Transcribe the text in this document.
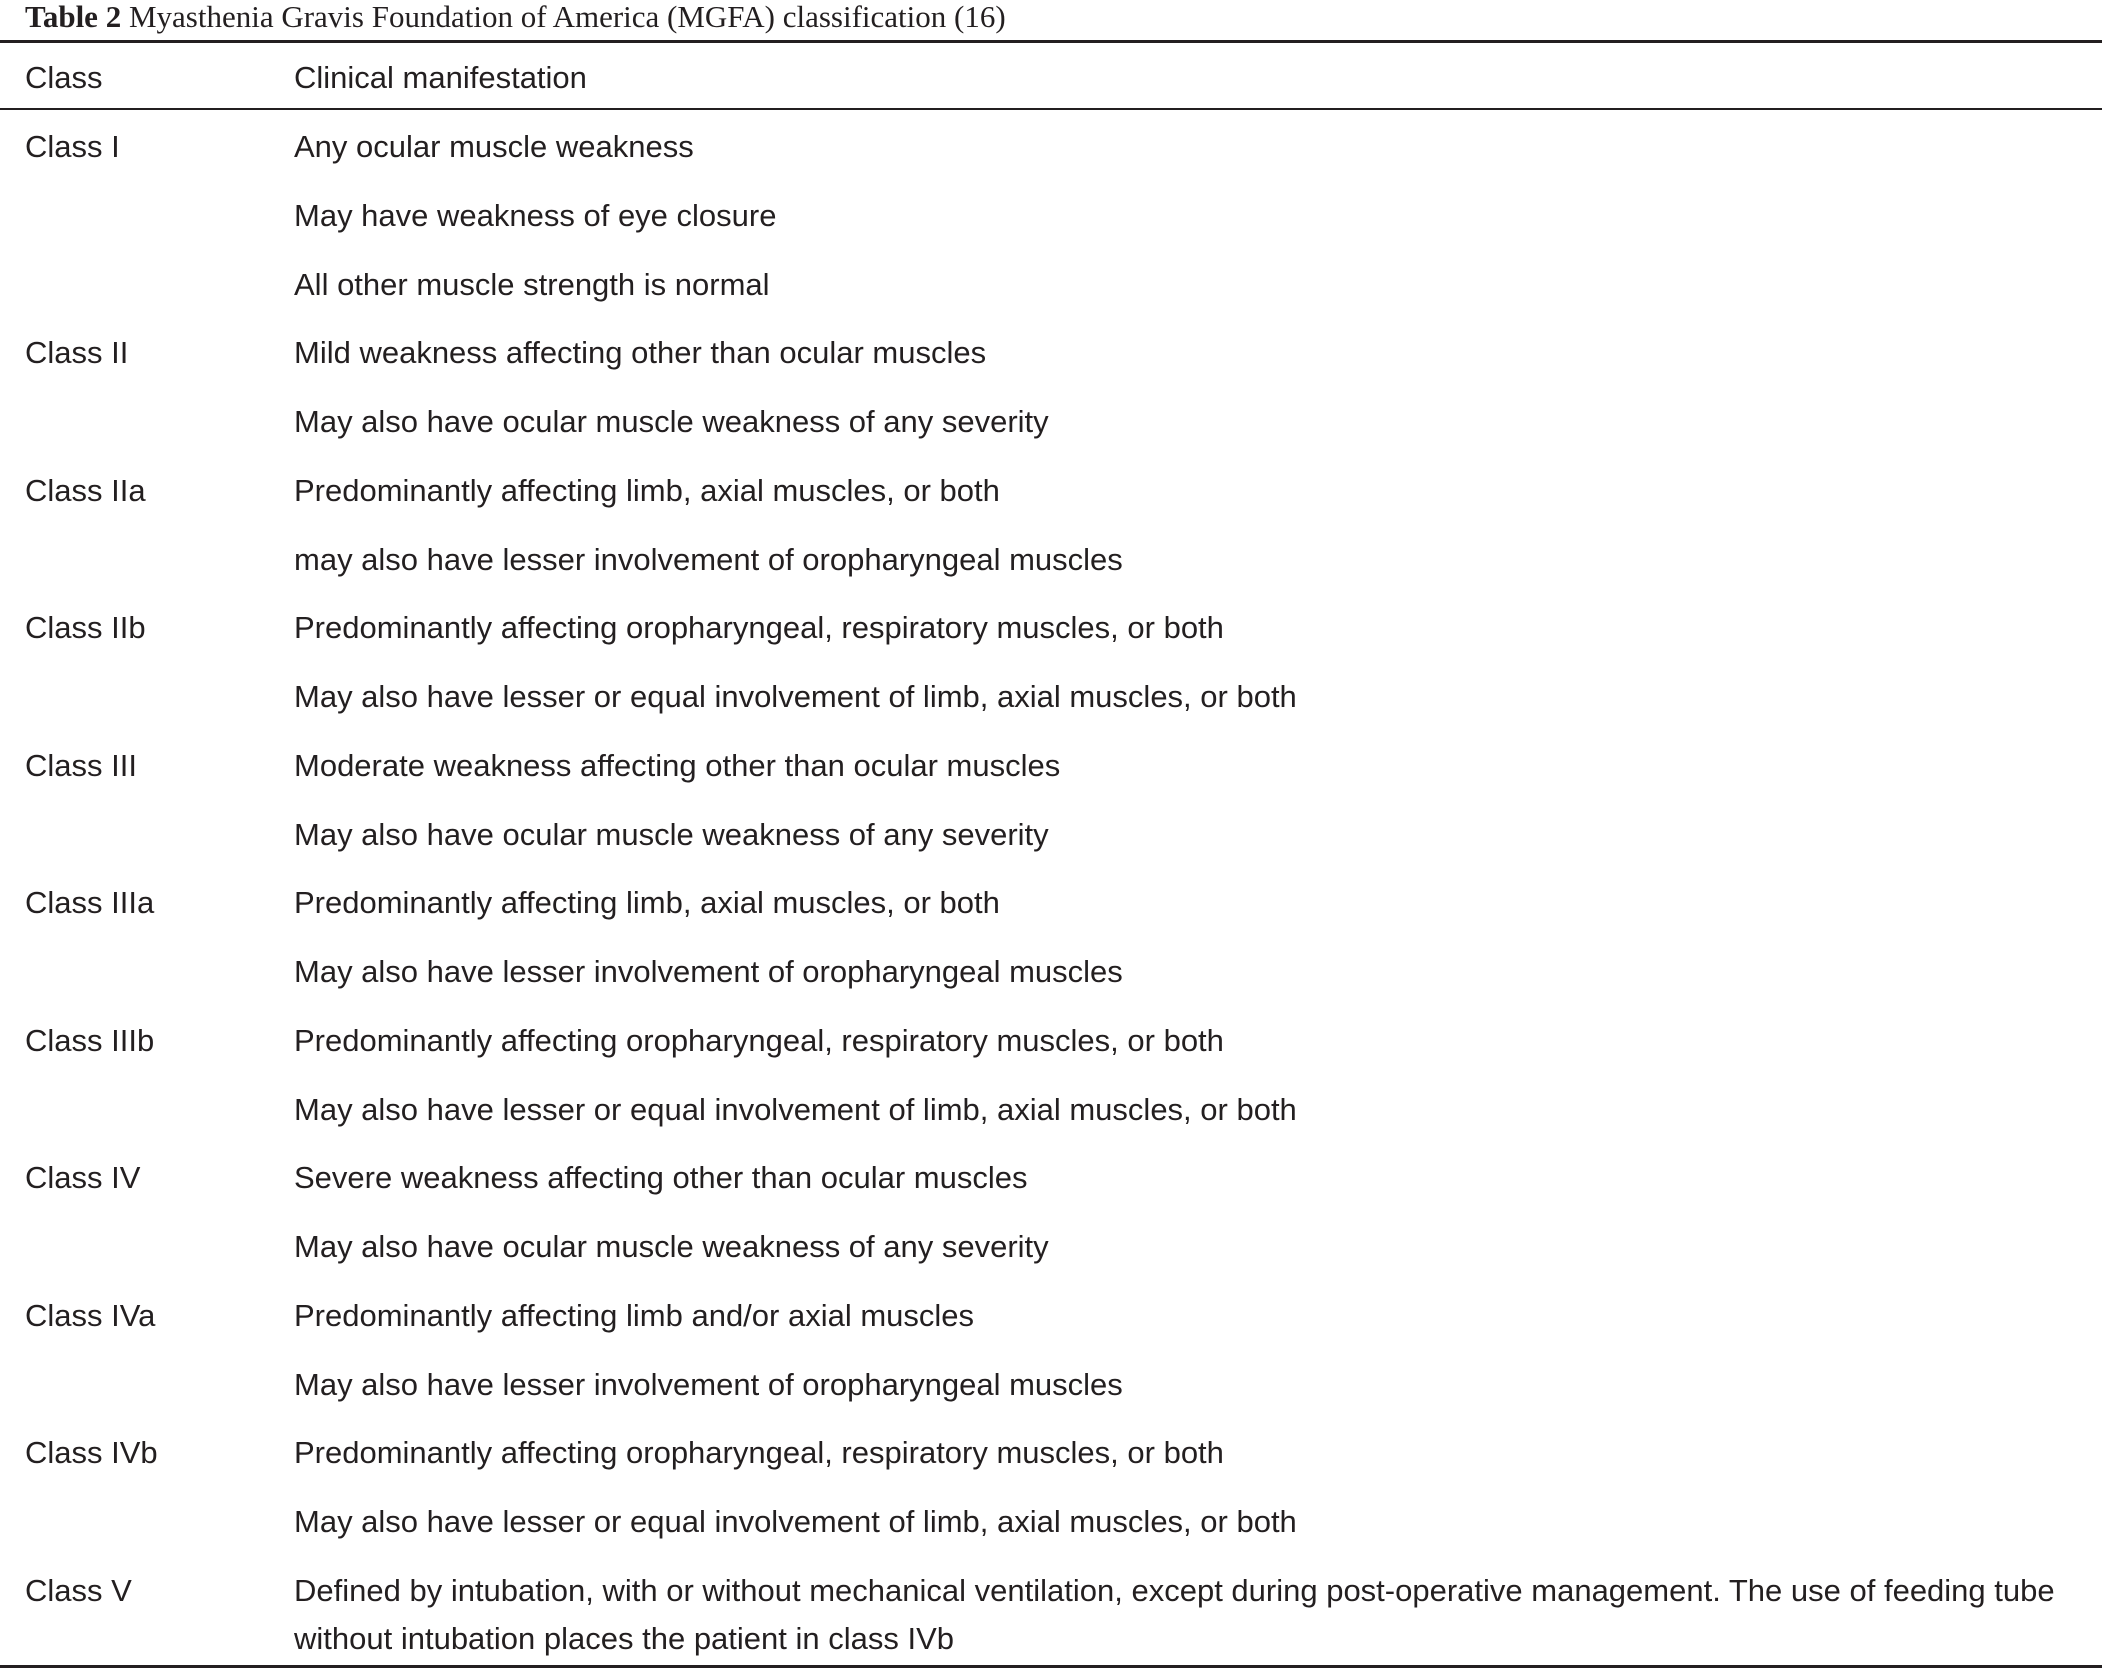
Table 2 Myasthenia Gravis Foundation of America (MGFA) classification (16)
Class	Clinical manifestation
Class I	Any ocular muscle weakness
May have weakness of eye closure
All other muscle strength is normal
Class II	Mild weakness affecting other than ocular muscles
May also have ocular muscle weakness of any severity
Class IIa	Predominantly affecting limb, axial muscles, or both
may also have lesser involvement of oropharyngeal muscles
Class IIb	Predominantly affecting oropharyngeal, respiratory muscles, or both
May also have lesser or equal involvement of limb, axial muscles, or both
Class III	Moderate weakness affecting other than ocular muscles
May also have ocular muscle weakness of any severity
Class IIIa	Predominantly affecting limb, axial muscles, or both
May also have lesser involvement of oropharyngeal muscles
Class IIIb	Predominantly affecting oropharyngeal, respiratory muscles, or both
May also have lesser or equal involvement of limb, axial muscles, or both
Class IV	Severe weakness affecting other than ocular muscles
May also have ocular muscle weakness of any severity
Class IVa	Predominantly affecting limb and/or axial muscles
May also have lesser involvement of oropharyngeal muscles
Class IVb	Predominantly affecting oropharyngeal, respiratory muscles, or both
May also have lesser or equal involvement of limb, axial muscles, or both
Class V	Defined by intubation, with or without mechanical ventilation, except during post-operative management. The use of feeding tube without intubation places the patient in class IVb
